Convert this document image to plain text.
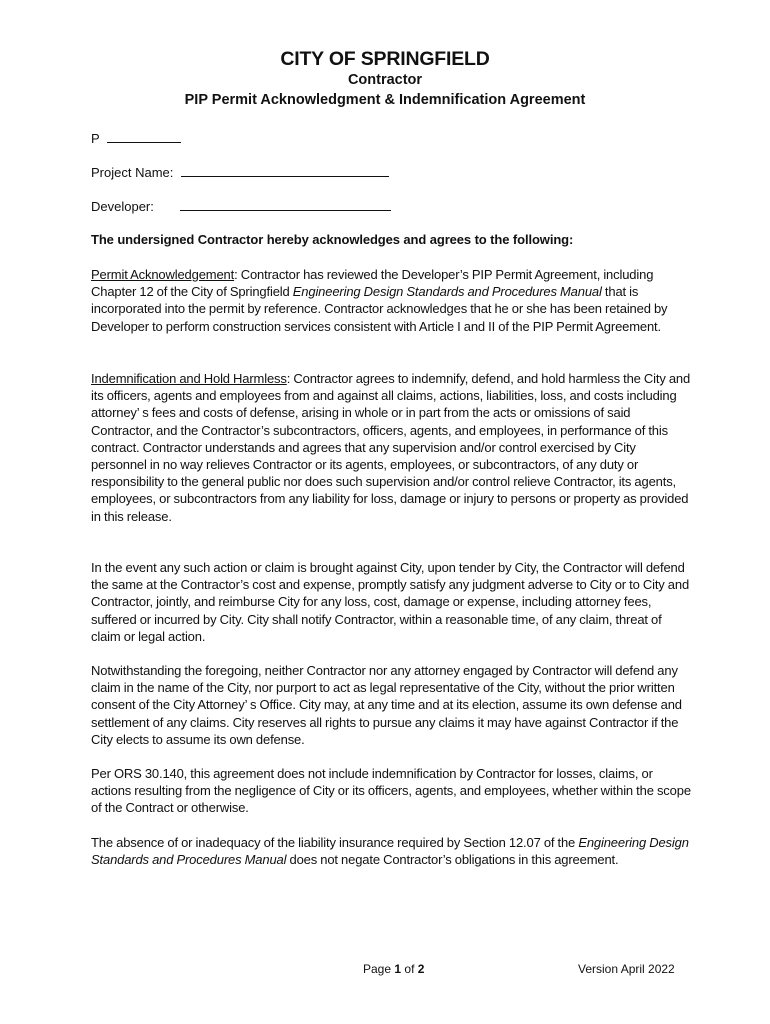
CITY OF SPRINGFIELD
Contractor
PIP Permit Acknowledgment & Indemnification Agreement
P
Project Name:
Developer:
The undersigned Contractor hereby acknowledges and agrees to the following:
Permit Acknowledgement: Contractor has reviewed the Developer’s PIP Permit Agreement, including Chapter 12 of the City of Springfield Engineering Design Standards and Procedures Manual that is incorporated into the permit by reference. Contractor acknowledges that he or she has been retained by Developer to perform construction services consistent with Article I and II of the PIP Permit Agreement.
Indemnification and Hold Harmless: Contractor agrees to indemnify, defend, and hold harmless the City and its officers, agents and employees from and against all claims, actions, liabilities, loss, and costs including attorney’ s fees and costs of defense, arising in whole or in part from the acts or omissions of said Contractor, and the Contractor’s subcontractors, officers, agents, and employees, in performance of this contract. Contractor understands and agrees that any supervision and/or control exercised by City personnel in no way relieves Contractor or its agents, employees, or subcontractors, of any duty or responsibility to the general public nor does such supervision and/or control relieve Contractor, its agents, employees, or subcontractors from any liability for loss, damage or injury to persons or property as provided in this release.
In the event any such action or claim is brought against City, upon tender by City, the Contractor will defend the same at the Contractor’s cost and expense, promptly satisfy any judgment adverse to City or to City and Contractor, jointly, and reimburse City for any loss, cost, damage or expense, including attorney fees, suffered or incurred by City. City shall notify Contractor, within a reasonable time, of any claim, threat of claim or legal action.
Notwithstanding the foregoing, neither Contractor nor any attorney engaged by Contractor will defend any claim in the name of the City, nor purport to act as legal representative of the City, without the prior written consent of the City Attorney’ s Office. City may, at any time and at its election, assume its own defense and settlement of any claims. City reserves all rights to pursue any claims it may have against Contractor if the City elects to assume its own defense.
Per ORS 30.140, this agreement does not include indemnification by Contractor for losses, claims, or actions resulting from the negligence of City or its officers, agents, and employees, whether within the scope of the Contract or otherwise.
The absence of or inadequacy of the liability insurance required by Section 12.07 of the Engineering Design Standards and Procedures Manual does not negate Contractor’s obligations in this agreement.
Page 1 of 2	Version April 2022
